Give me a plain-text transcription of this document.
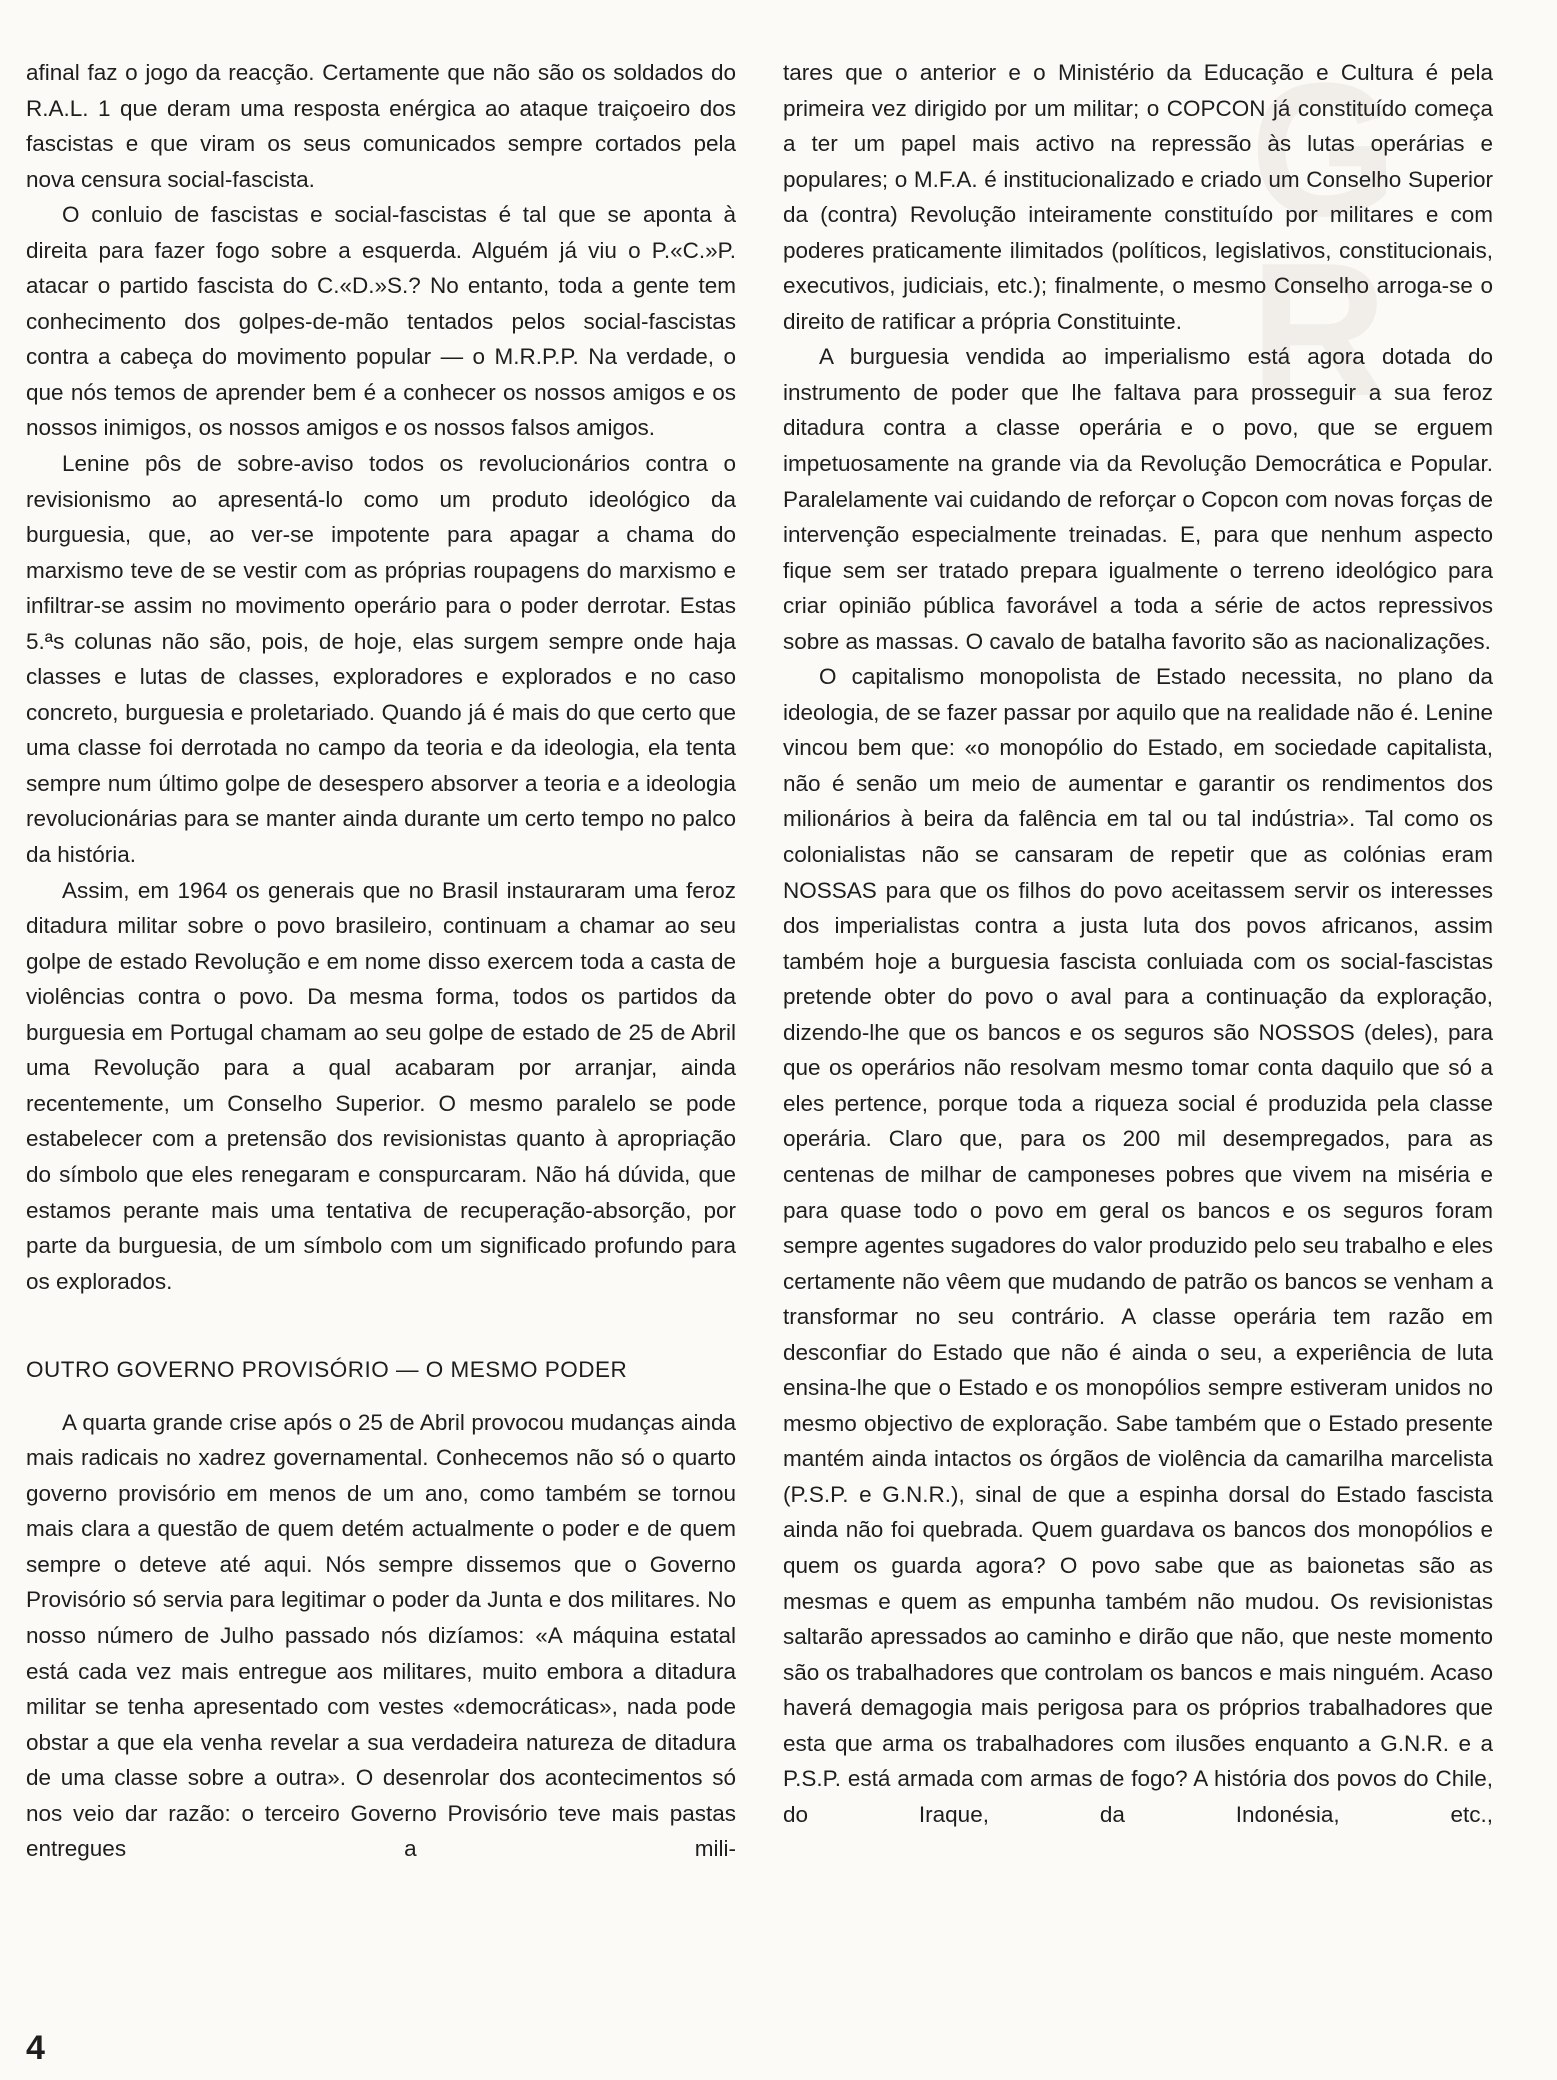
G R

afinal faz o jogo da reacção. Certamente que não são os soldados do R.A.L. 1 que deram uma resposta enérgica ao ataque traiçoeiro dos fascistas e que viram os seus comunicados sempre cortados pela nova censura social-fascista.

O conluio de fascistas e social-fascistas é tal que se aponta à direita para fazer fogo sobre a esquerda. Alguém já viu o P.«C.»P. atacar o partido fascista do C.«D.»S.? No entanto, toda a gente tem conhecimento dos golpes-de-mão tentados pelos social-fascistas contra a cabeça do movimento popular — o M.R.P.P. Na verdade, o que nós temos de aprender bem é a conhecer os nossos amigos e os nossos inimigos, os nossos amigos e os nossos falsos amigos.

Lenine pôs de sobre-aviso todos os revolucionários contra o revisionismo ao apresentá-lo como um produto ideológico da burguesia, que, ao ver-se impotente para apagar a chama do marxismo teve de se vestir com as próprias roupagens do marxismo e infiltrar-se assim no movimento operário para o poder derrotar. Estas 5.ªs colunas não são, pois, de hoje, elas surgem sempre onde haja classes e lutas de classes, exploradores e explorados e no caso concreto, burguesia e proletariado. Quando já é mais do que certo que uma classe foi derrotada no campo da teoria e da ideologia, ela tenta sempre num último golpe de desespero absorver a teoria e a ideologia revolucionárias para se manter ainda durante um certo tempo no palco da história.

Assim, em 1964 os generais que no Brasil instauraram uma feroz ditadura militar sobre o povo brasileiro, continuam a chamar ao seu golpe de estado Revolução e em nome disso exercem toda a casta de violências contra o povo. Da mesma forma, todos os partidos da burguesia em Portugal chamam ao seu golpe de estado de 25 de Abril uma Revolução para a qual acabaram por arranjar, ainda recentemente, um Conselho Superior. O mesmo paralelo se pode estabelecer com a pretensão dos revisionistas quanto à apropriação do símbolo que eles renegaram e conspurcaram. Não há dúvida, que estamos perante mais uma tentativa de recuperação-absorção, por parte da burguesia, de um símbolo com um significado profundo para os explorados.

OUTRO GOVERNO PROVISÓRIO — O MESMO PODER

A quarta grande crise após o 25 de Abril provocou mudanças ainda mais radicais no xadrez governamental. Conhecemos não só o quarto governo provisório em menos de um ano, como também se tornou mais clara a questão de quem detém actualmente o poder e de quem sempre o deteve até aqui. Nós sempre dissemos que o Governo Provisório só servia para legitimar o poder da Junta e dos militares. No nosso número de Julho passado nós dizíamos: «A máquina estatal está cada vez mais entregue aos militares, muito embora a ditadura militar se tenha apresentado com vestes «democráticas», nada pode obstar a que ela venha revelar a sua verdadeira natureza de ditadura de uma classe sobre a outra». O desenrolar dos acontecimentos só nos veio dar razão: o terceiro Governo Provisório teve mais pastas entregues a mili-

tares que o anterior e o Ministério da Educação e Cultura é pela primeira vez dirigido por um militar; o COPCON já constituído começa a ter um papel mais activo na repressão às lutas operárias e populares; o M.F.A. é institucionalizado e criado um Conselho Superior da (contra) Revolução inteiramente constituído por militares e com poderes praticamente ilimitados (políticos, legislativos, constitucionais, executivos, judiciais, etc.); finalmente, o mesmo Conselho arroga-se o direito de ratificar a própria Constituinte.

A burguesia vendida ao imperialismo está agora dotada do instrumento de poder que lhe faltava para prosseguir a sua feroz ditadura contra a classe operária e o povo, que se erguem impetuosamente na grande via da Revolução Democrática e Popular. Paralelamente vai cuidando de reforçar o Copcon com novas forças de intervenção especialmente treinadas. E, para que nenhum aspecto fique sem ser tratado prepara igualmente o terreno ideológico para criar opinião pública favorável a toda a série de actos repressivos sobre as massas. O cavalo de batalha favorito são as nacionalizações.

O capitalismo monopolista de Estado necessita, no plano da ideologia, de se fazer passar por aquilo que na realidade não é. Lenine vincou bem que: «o monopólio do Estado, em sociedade capitalista, não é senão um meio de aumentar e garantir os rendimentos dos milionários à beira da falência em tal ou tal indústria». Tal como os colonialistas não se cansaram de repetir que as colónias eram NOSSAS para que os filhos do povo aceitassem servir os interesses dos imperialistas contra a justa luta dos povos africanos, assim também hoje a burguesia fascista conluiada com os social-fascistas pretende obter do povo o aval para a continuação da exploração, dizendo-lhe que os bancos e os seguros são NOSSOS (deles), para que os operários não resolvam mesmo tomar conta daquilo que só a eles pertence, porque toda a riqueza social é produzida pela classe operária. Claro que, para os 200 mil desempregados, para as centenas de milhar de camponeses pobres que vivem na miséria e para quase todo o povo em geral os bancos e os seguros foram sempre agentes sugadores do valor produzido pelo seu trabalho e eles certamente não vêem que mudando de patrão os bancos se venham a transformar no seu contrário. A classe operária tem razão em desconfiar do Estado que não é ainda o seu, a experiência de luta ensina-lhe que o Estado e os monopólios sempre estiveram unidos no mesmo objectivo de exploração. Sabe também que o Estado presente mantém ainda intactos os órgãos de violência da camarilha marcelista (P.S.P. e G.N.R.), sinal de que a espinha dorsal do Estado fascista ainda não foi quebrada. Quem guardava os bancos dos monopólios e quem os guarda agora? O povo sabe que as baionetas são as mesmas e quem as empunha também não mudou. Os revisionistas saltarão apressados ao caminho e dirão que não, que neste momento são os trabalhadores que controlam os bancos e mais ninguém. Acaso haverá demagogia mais perigosa para os próprios trabalhadores que esta que arma os trabalhadores com ilusões enquanto a G.N.R. e a P.S.P. está armada com armas de fogo? A história dos povos do Chile, do Iraque, da Indonésia, etc.,

4
